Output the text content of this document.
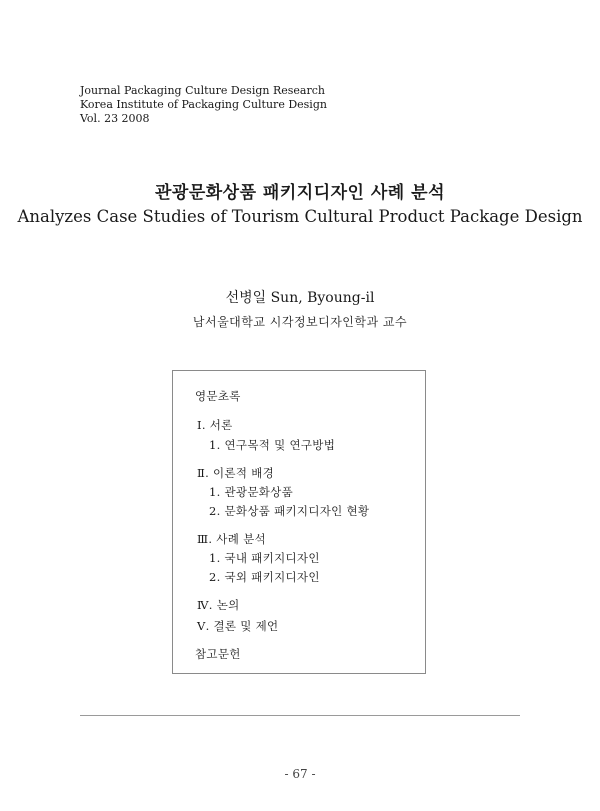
Journal Packaging Culture Design Research
Korea Institute of Packaging Culture Design
Vol. 23 2008
관광문화상품 패키지디자인 사례 분석
Analyzes Case Studies of Tourism Cultural Product Package Design
선병일 Sun, Byoung-il
남서울대학교 시각정보디자인학과 교수
영문초록
Ⅰ. 서론
1. 연구목적 및 연구방법
Ⅱ. 이론적 배경
1. 관광문화상품
2. 문화상품 패키지디자인 현황
Ⅲ. 사례 분석
1. 국내 패키지디자인
2. 국외 패키지디자인
Ⅳ. 논의
Ⅴ. 결론 및 제언
참고문헌
- 67 -
